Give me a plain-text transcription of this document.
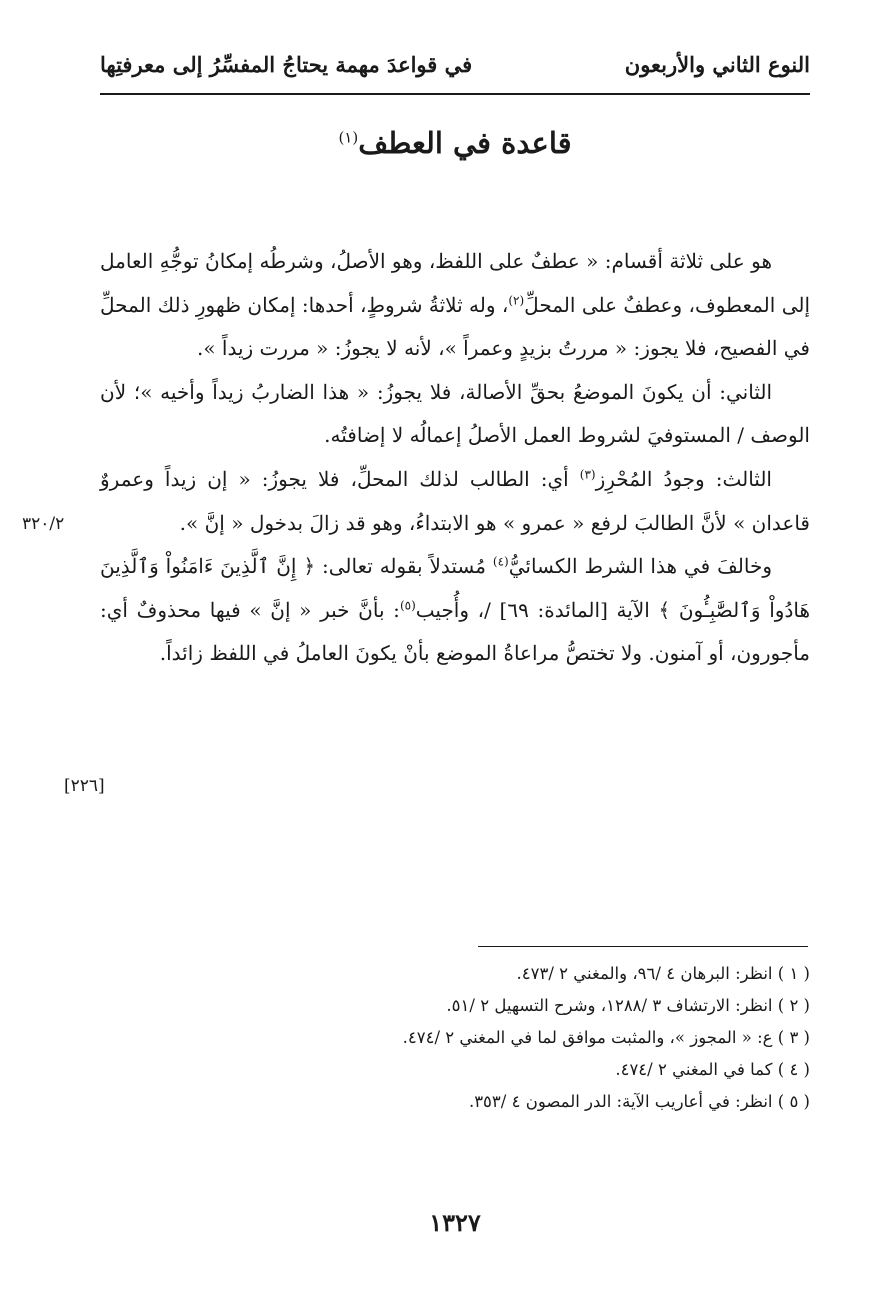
النوع الثاني والأربعون
في قواعدَ مهمة يحتاجُ المفسِّرُ إلى معرفتِها
قاعدة في العطف$^{(١)}$

هو على ثلاثة أقسام: « عطفٌ على اللفظ، وهو الأصلُ، وشرطُه إمكانُ توجُّهِ العامل إلى المعطوف، وعطفٌ على المحلِّ$^{(٢)}$، وله ثلاثةُ شروطٍ، أحدها: إمكان ظهورِ ذلك المحلِّ في الفصيح، فلا يجوز: « مررتُ بزيدٍ وعمراً »، لأنه لا يجوزُ: « مررت زيداً ».

الثاني: أن يكونَ الموضعُ بحقِّ الأصالة، فلا يجوزُ: « هذا الضاربُ زيداً وأخيه »؛ لأن الوصف / المستوفيَ لشروط العمل الأصلُ إعمالُه لا إضافتُه.

الثالث: وجودُ المُحْرِز$^{(٣)}$ أي: الطالب لذلك المحلِّ، فلا يجوزُ: « إن زيداً وعمروٌ قاعدان » لأنَّ الطالبَ لرفع « عمرو » هو الابتداءُ، وهو قد زالَ بدخول « إنَّ ».

وخالفَ في هذا الشرط الكسائيُّ$^{(٤)}$ مُستدلاً بقوله تعالى: ﴿ إِنَّ ٱلَّذِينَ ءَامَنُواْ وَٱلَّذِينَ هَادُواْ وَٱلصَّٰبِـُٔونَ ﴾ الآية [المائدة: ٦٩] /، وأُجيب$^{(٥)}$: بأنَّ خبر « إنَّ » فيها محذوفٌ أي: مأجورون، أو آمنون. ولا تختصُّ مراعاةُ الموضع بأنْ يكونَ العاملُ في اللفظ زائداً.

٣٢٠/٢
[٢٢٦]

( ١ ) انظر: البرهان ٤ /٩٦، والمغني ٢ /٤٧٣.

( ٢ ) انظر: الارتشاف ٣ /١٢٨٨، وشرح التسهيل ٢ /٥١.

( ٣ ) ع: « المجوز »، والمثبت موافق لما في المغني ٢ /٤٧٤.

( ٤ ) كما في المغني ٢ /٤٧٤.

( ٥ ) انظر: في أعاريب الآية: الدر المصون ٤ /٣٥٣.

١٣٢٧
